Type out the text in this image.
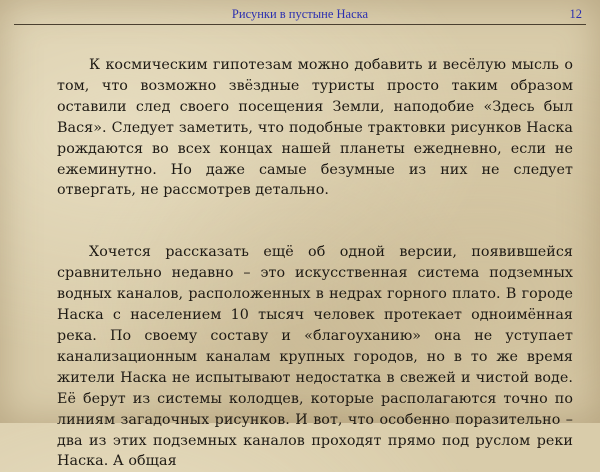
Рисунки в пустыне Наска	12

К космическим гипотезам можно добавить и весёлую мысль о том, что возможно звёздные туристы просто таким образом оставили след своего посещения Земли, наподобие «Здесь был Вася». Следует заметить, что подобные трактовки рисунков Наска рождаются во всех концах нашей планеты ежедневно, если не ежеминутно. Но даже самые безумные из них не следует отвергать, не рассмотрев детально.

Хочется рассказать ещё об одной версии, появившейся сравнительно недавно – это искусственная система подземных водных каналов, расположенных в недрах горного плато. В городе Наска с населением 10 тысяч человек протекает одноимённая река. По своему составу и «благоуханию» она не уступает канализационным каналам крупных городов, но в то же время жители Наска не испытывают недостатка в свежей и чистой воде. Её берут из системы колодцев, которые располагаются точно по линиям загадочных рисунков. И вот, что особенно поразительно – два из этих подземных каналов проходят прямо под руслом реки Наска. А общая
